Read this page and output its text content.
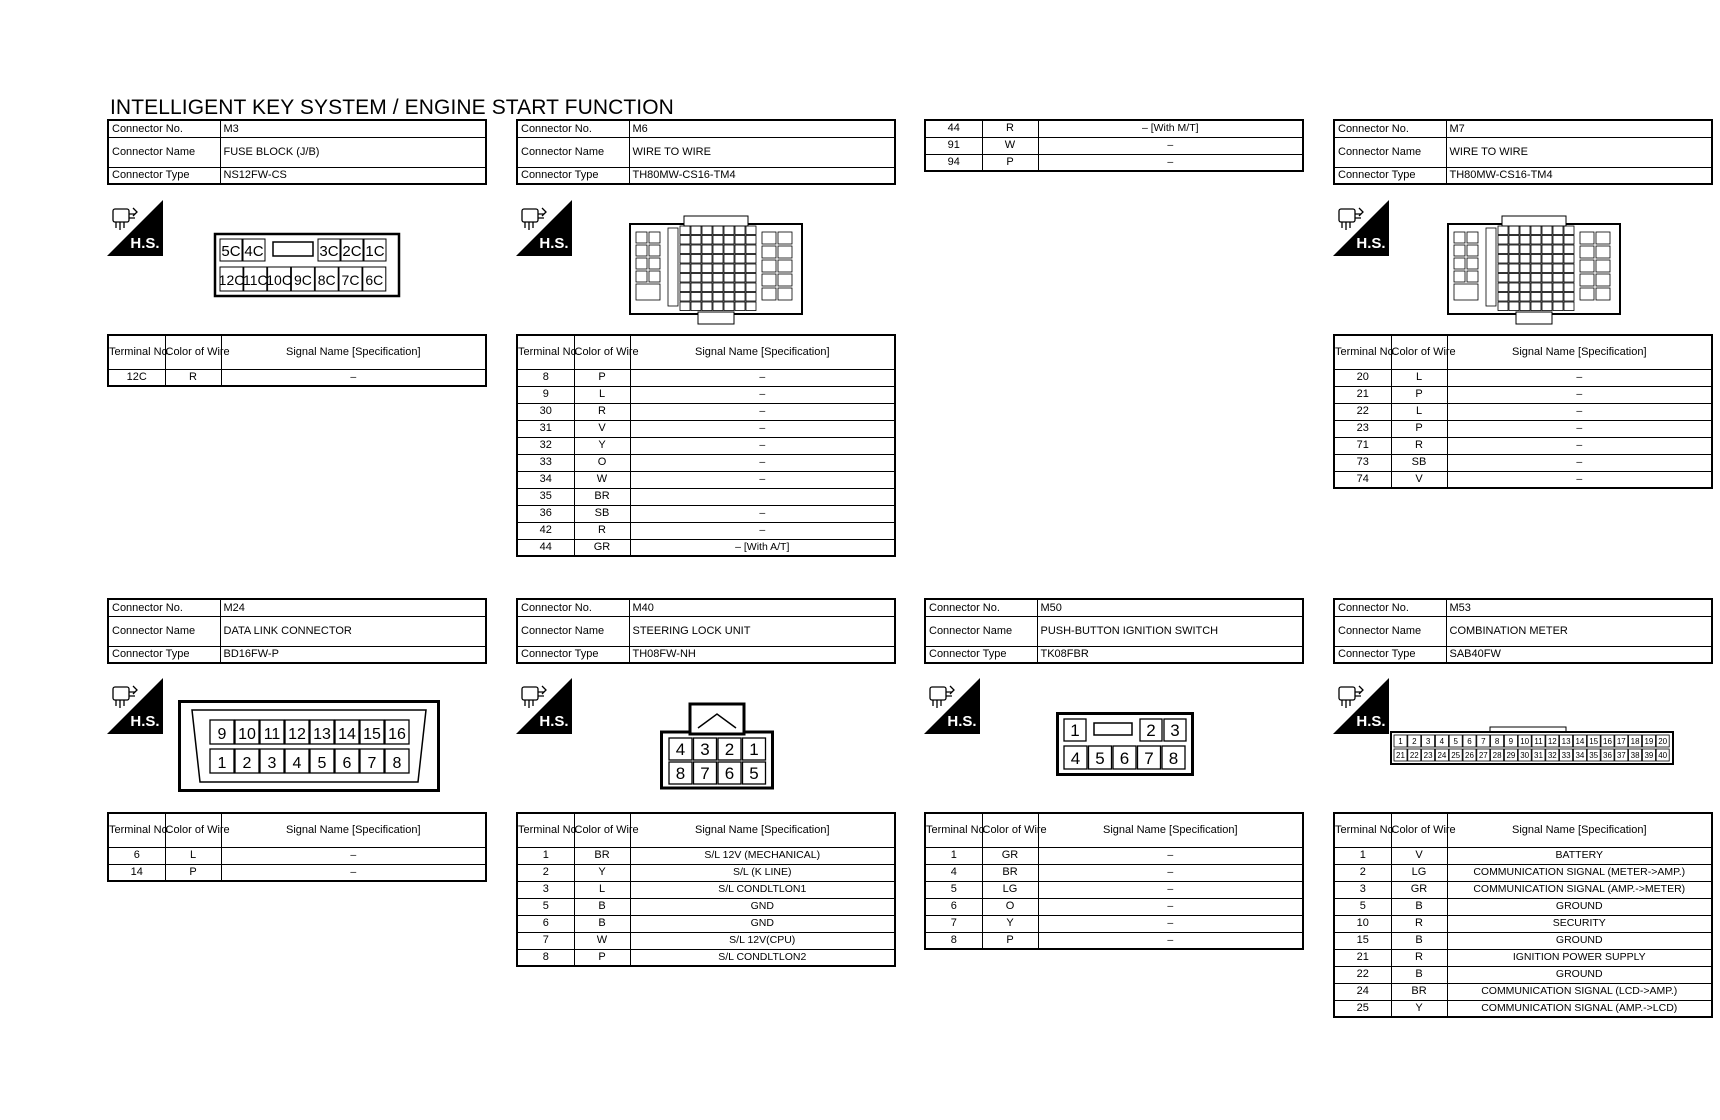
INTELLIGENT KEY SYSTEM / ENGINE START FUNCTION
Connector No.	M3
Connector Name	FUSE BLOCK (J/B)
Connector Type	NS12FW-CS
H.S.	5C 4C	3C 2C 1C
12C
11C
10C 9C 8C 7C 6C
Terminal No.	Color of Wire	Signal Name [Specification]
12C	R	–
Connector No.	M6
Connector Name	WIRE TO WIRE
Connector Type	TH80MW-CS16-TM4
H.S.
Terminal No.	Color of Wire	Signal Name [Specification]
8	P	–
9	L	–
30	R	–
31	V	–
32	Y	–
33	O	–
34	W	–
35	BR	
36	SB	–
42	R	–
44	GR	– [With A/T]
44	R	– [With M/T]
91	W	–
94	P	–
Connector No.	M7
Connector Name	WIRE TO WIRE
Connector Type	TH80MW-CS16-TM4
H.S.
Terminal No.	Color of Wire	Signal Name [Specification]
20	L	–
21	P	–
22	L	–
23	P	–
71	R	–
73	SB	–
74	V	–
Connector No.	M24
Connector Name	DATA LINK CONNECTOR
Connector Type	BD16FW-P
H.S.
9 10 11 12 13 14 15 16
1 2 3 4 5 6 7 8
Terminal No.	Color of Wire	Signal Name [Specification]
6	L	–
14	P	–
Connector No.	M40
Connector Name	STEERING LOCK UNIT
Connector Type	TH08FW-NH
H.S.
4 3 2 1
8 7 6 5
Terminal No.	Color of Wire	Signal Name [Specification]
1	BR	S/L 12V (MECHANICAL)
2	Y	S/L (K LINE)
3	L	S/L CONDLTLON1
5	B	GND
6	B	GND
7	W	S/L 12V(CPU)
8	P	S/L CONDLTLON2
Connector No.	M50
Connector Name	PUSH-BUTTON IGNITION SWITCH
Connector Type	TK08FBR
H.S.	1	2 3
4 5 6 7 8
Terminal No.	Color of Wire	Signal Name [Specification]
1	GR	–
4	BR	–
5	LG	–
6	O	–
7	Y	–
8	P	–
Connector No.	M53
Connector Name	COMBINATION METER
Connector Type	SAB40FW
H.S.
1 2 3 4 5 6 7 8 9 10 11 12 13 14 15 16 17 18 19 20
21 22 23 24 25 26 27 28 29 30 31 32 33 34 35 36 37 38 39 40
Terminal No.	Color of Wire	Signal Name [Specification]
1	V	BATTERY
2	LG	COMMUNICATION SIGNAL (METER->AMP.)
3	GR	COMMUNICATION SIGNAL (AMP.->METER)
5	B	GROUND
10	R	SECURITY
15	B	GROUND
21	R	IGNITION POWER SUPPLY
22	B	GROUND
24	BR	COMMUNICATION SIGNAL (LCD->AMP.)
25	Y	COMMUNICATION SIGNAL (AMP.->LCD)
